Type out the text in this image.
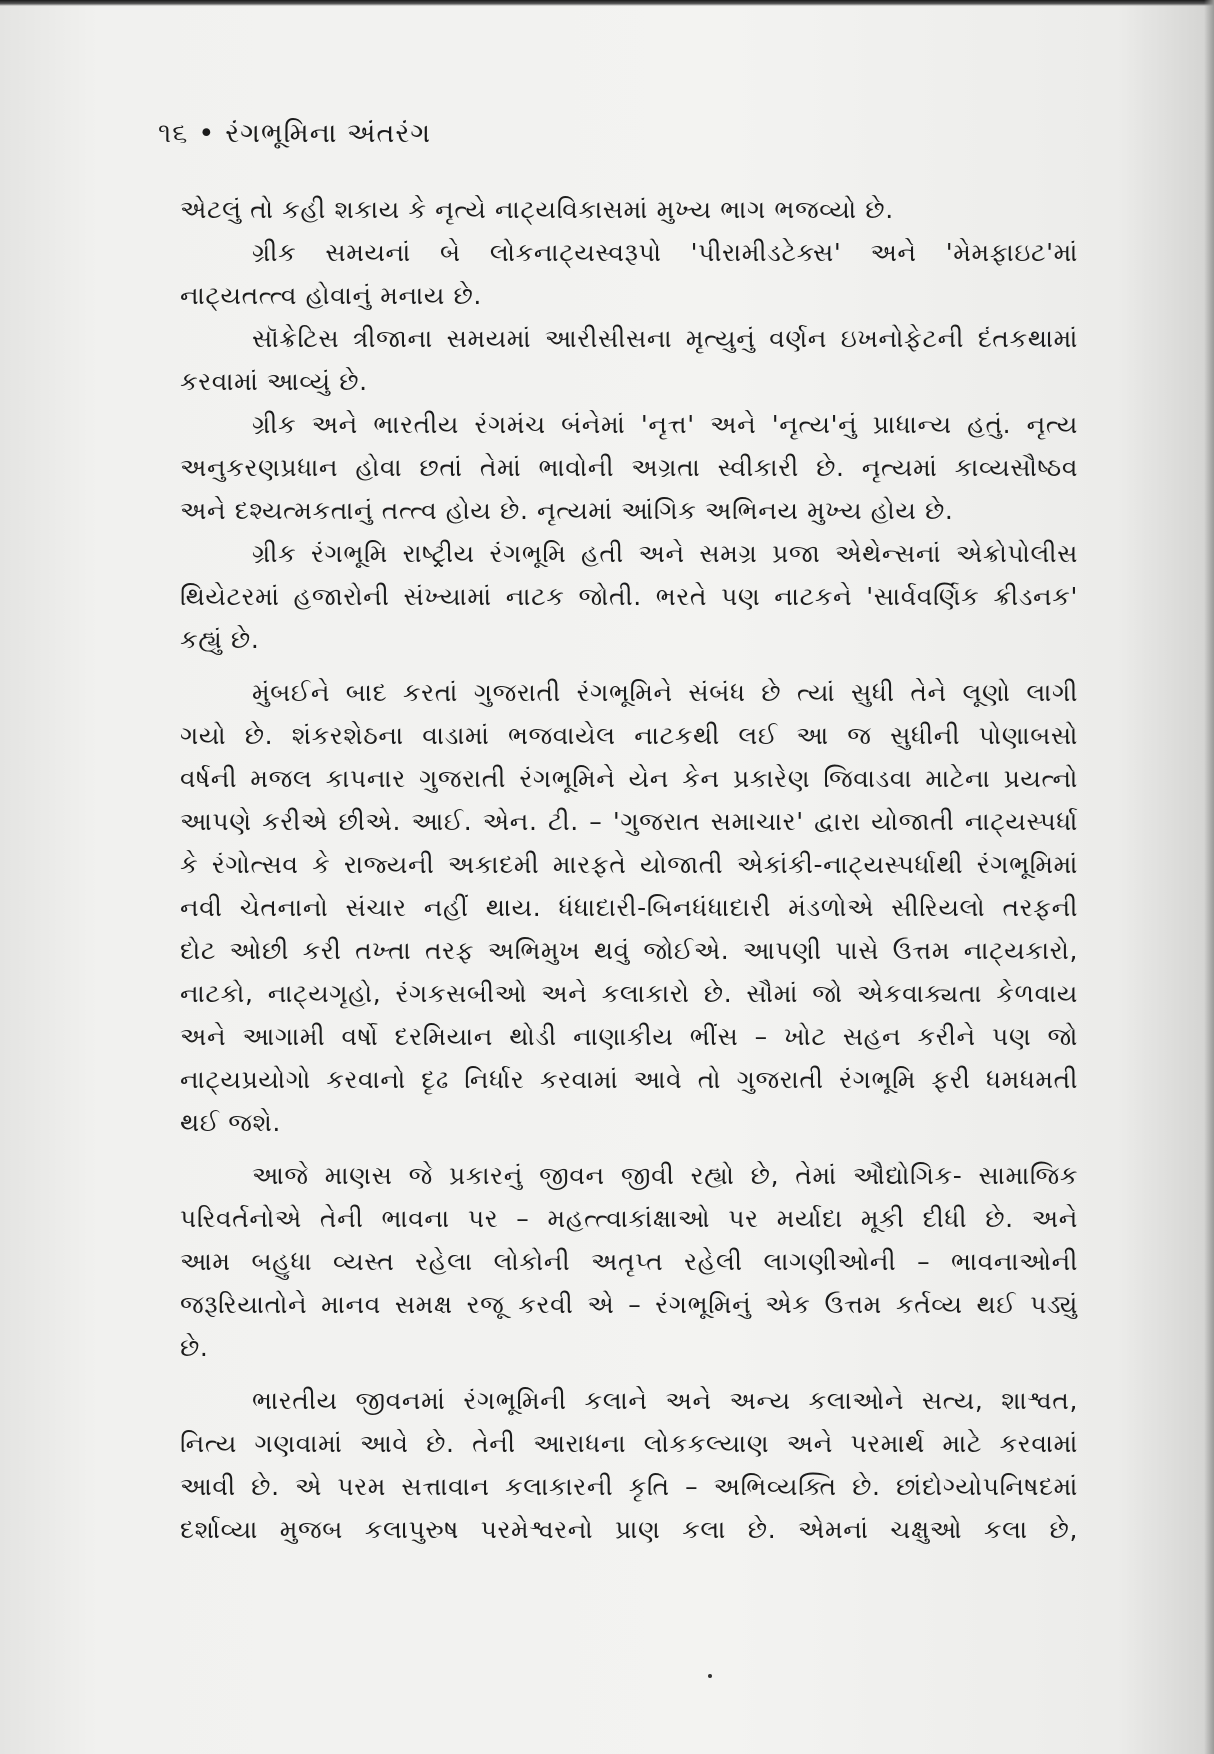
૧૬ • રંગભૂમિના અંતરંગ
એટલું તો કહી શકાય કે નૃત્યે નાટ્યવિકાસમાં મુખ્ય ભાગ ભજવ્યો છે.
ગ્રીક સમયનાં બે લોકનાટ્યસ્વરૂપો 'પીરામીડટેક્સ' અને 'મેમફાઇટ'માં
નાટ્યતત્ત્વ હોવાનું મનાય છે.
સૉક્રેટિસ ત્રીજાના સમયમાં આરીસીસના મૃત્યુનું વર્ણન ઇખનોફેટની દંતકથામાં
કરવામાં આવ્યું છે.
ગ્રીક અને ભારતીય રંગમંચ બંનેમાં 'નૃત્ત' અને 'નૃત્ય'નું પ્રાધાન્ય હતું. નૃત્ય
અનુકરણપ્રધાન હોવા છતાં તેમાં ભાવોની અગ્રતા સ્વીકારી છે. નૃત્યમાં કાવ્યસૌષ્ઠવ
અને દશ્યત્મકતાનું તત્ત્વ હોય છે. નૃત્યમાં આંગિક અભિનય મુખ્ય હોય છે.
ગ્રીક રંગભૂમિ રાષ્ટ્રીય રંગભૂમિ હતી અને સમગ્ર પ્રજા એથેન્સનાં એક્રોપોલીસ
થિયેટરમાં હજારોની સંખ્યામાં નાટક જોતી. ભરતે પણ નાટકને 'સાર્વવર્ણિક ક્રીડનક'
કહ્યું છે.
મુંબઈને બાદ કરતાં ગુજરાતી રંગભૂમિને સંબંધ છે ત્યાં સુધી તેને લૂણો લાગી
ગયો છે. શંકરશેઠના વાડામાં ભજવાયેલ નાટકથી લઈ આ જ સુધીની પોણાબસો
વર્ષની મજલ કાપનાર ગુજરાતી રંગભૂમિને યેન કેન પ્રકારેણ જિવાડવા માટેના પ્રયત્નો
આપણે કરીએ છીએ. આઈ. એન. ટી. – 'ગુજરાત સમાચાર' દ્વારા યોજાતી નાટ્યસ્પર્ધા
કે રંગોત્સવ કે રાજ્યની અકાદમી મારફતે યોજાતી એકાંકી-નાટ્યસ્પર્ધાથી રંગભૂમિમાં
નવી ચેતનાનો સંચાર નહીં થાય. ધંધાદારી-બિનધંધાદારી મંડળોએ સીરિયલો તરફની
દોટ ઓછી કરી તખ્તા તરફ અભિમુખ થવું જોઈએ. આપણી પાસે ઉત્તમ નાટ્યકારો,
નાટકો, નાટ્યગૃહો, રંગકસબીઓ અને કલાકારો છે. સૌમાં જો એકવાક્યતા કેળવાય
અને આગામી વર્ષો દરમિયાન થોડી નાણાકીય ભીંસ – ખોટ સહન કરીને પણ જો
નાટ્યપ્રયોગો કરવાનો દૃઢ નિર્ધાર કરવામાં આવે તો ગુજરાતી રંગભૂમિ ફરી ધમધમતી
થઈ જશે.
આજે માણસ જે પ્રકારનું જીવન જીવી રહ્યો છે, તેમાં ઔદ્યોગિક- સામાજિક
પરિવર્તનોએ તેની ભાવના પર – મહત્ત્વાકાંક્ષાઓ પર મર્યાદા મૂકી દીધી છે. અને
આમ બહુધા વ્યસ્ત રહેલા લોકોની અતૃપ્ત રહેલી લાગણીઓની – ભાવનાઓની
જરૂરિયાતોને માનવ સમક્ષ રજૂ કરવી એ – રંગભૂમિનું એક ઉત્તમ કર્તવ્ય થઈ પડ્યું
છે.
ભારતીય જીવનમાં રંગભૂમિની કલાને અને અન્ય કલાઓને સત્ય, શાશ્વત,
નિત્ય ગણવામાં આવે છે. તેની આરાધના લોકકલ્યાણ અને પરમાર્થ માટે કરવામાં
આવી છે. એ પરમ સત્તાવાન કલાકારની કૃતિ – અભિવ્યક્તિ છે. છાંદોગ્યોપનિષદમાં
દર્શાવ્યા મુજબ કલાપુરુષ પરમેશ્વરનો પ્રાણ કલા છે. એમનાં ચક્ષુઓ કલા છે,
